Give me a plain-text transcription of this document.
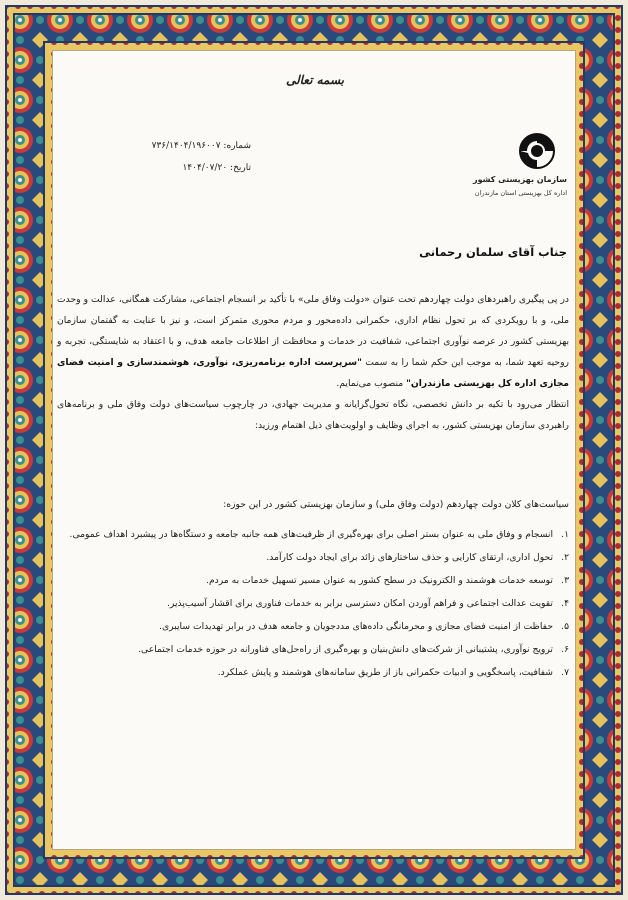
بسمه تعالی
سازمان بهزیستی کشور
اداره کل بهزیستی استان مازندران
شماره: ۷۳۶/۱۴۰۴/۱۹۶۰۰۷
تاریخ: ۱۴۰۴/۰۷/۲۰
جناب آقای سلمان رحمانی

در پی پیگیری راهبردهای دولت چهاردهم تحت عنوان «دولت وفاق ملی» با تأکید بر انسجام اجتماعی، مشارکت همگانی، عدالت و وحدت ملی، و با رویکردی که بر تحول نظام اداری، حکمرانی داده‌محور و مردم محوری متمرکز است، و نیز با عنایت به گفتمان سازمان بهزیستی کشور در عرصه نوآوری اجتماعی، شفافیت در خدمات و محافظت از اطلاعات جامعه هدف، و با اعتقاد به شایستگی، تجربه و روحیه تعهد شما، به موجب این حکم شما را به سمت "سرپرست اداره برنامه‌ریزی، نوآوری، هوشمندسازی و امنیت فضای مجازی اداره کل بهزیستی مازندران" منصوب می‌نمایم.

انتظار می‌رود با تکیه بر دانش تخصصی، نگاه تحول‌گرایانه و مدیریت جهادی، در چارچوب سیاست‌های دولت وفاق ملی و برنامه‌های راهبردی سازمان بهزیستی کشور، به اجرای وظایف و اولویت‌های ذیل اهتمام ورزید:

سیاست‌های کلان دولت چهاردهم (دولت وفاق ملی) و سازمان بهزیستی کشور در این حوزه:
۱.
انسجام و وفاق ملی به عنوان بستر اصلی برای بهره‌گیری از ظرفیت‌های همه جانبه جامعه و دستگاه‌ها در پیشبرد اهداف عمومی.
۲.
تحول اداری، ارتقای کارایی و حذف ساختارهای زائد برای ایجاد دولت کارآمد.
۳.
توسعه خدمات هوشمند و الکترونیک در سطح کشور به عنوان مسیر تسهیل خدمات به مردم.
۴.
تقویت عدالت اجتماعی و فراهم آوردن امکان دسترسی برابر به خدمات فناوری برای اقشار آسیب‌پذیر.
۵.
حفاظت از امنیت فضای مجازی و محرمانگی داده‌های مددجویان و جامعه هدف در برابر تهدیدات سایبری.
۶.
ترویج نوآوری، پشتیبانی از شرکت‌های دانش‌بنیان و بهره‌گیری از راه‌حل‌های فناورانه در حوزه خدمات اجتماعی.
۷.
شفافیت، پاسخگویی و ادبیات حکمرانی باز از طریق سامانه‌های هوشمند و پایش عملکرد.
